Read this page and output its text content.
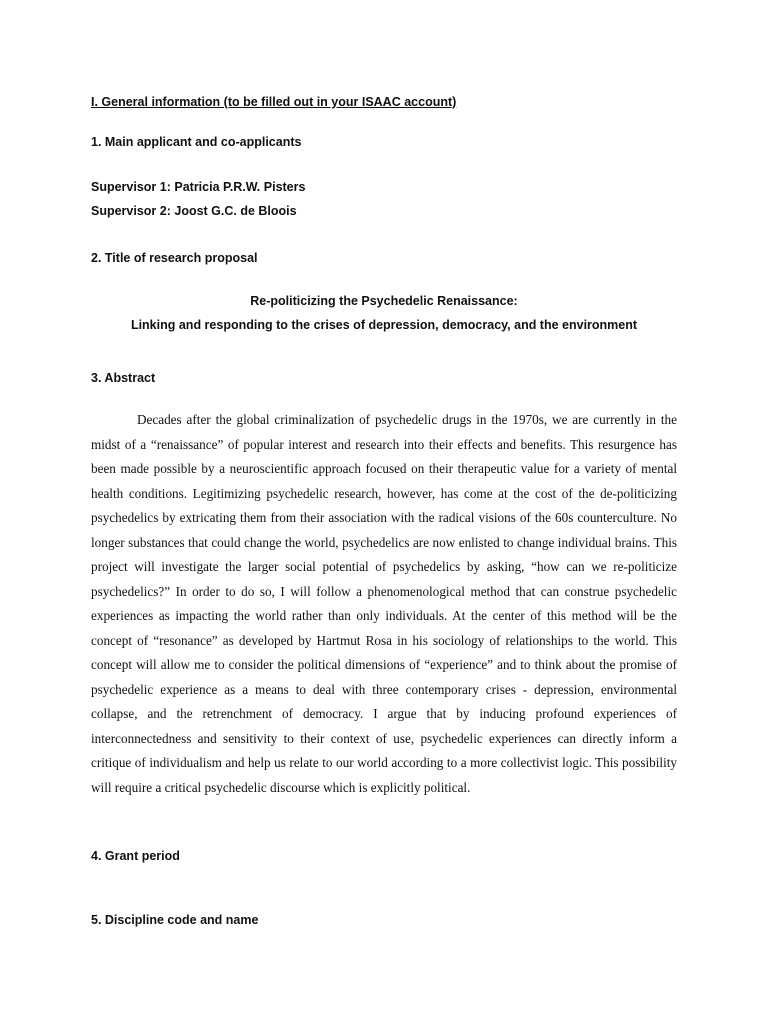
I. General information (to be filled out in your ISAAC account)
1. Main applicant and co-applicants
Supervisor 1: Patricia P.R.W. Pisters
Supervisor 2: Joost G.C. de Bloois
2. Title of research proposal
Re-politicizing the Psychedelic Renaissance:
Linking and responding to the crises of depression, democracy, and the environment
3. Abstract

Decades after the global criminalization of psychedelic drugs in the 1970s, we are currently in the midst of a “renaissance” of popular interest and research into their effects and benefits. This resurgence has been made possible by a neuroscientific approach focused on their therapeutic value for a variety of mental health conditions. Legitimizing psychedelic research, however, has come at the cost of the de-politicizing psychedelics by extricating them from their association with the radical visions of the 60s counterculture. No longer substances that could change the world, psychedelics are now enlisted to change individual brains. This project will investigate the larger social potential of psychedelics by asking, “how can we re-politicize psychedelics?” In order to do so, I will follow a phenomenological method that can construe psychedelic experiences as impacting the world rather than only individuals. At the center of this method will be the concept of “resonance” as developed by Hartmut Rosa in his sociology of relationships to the world. This concept will allow me to consider the political dimensions of “experience” and to think about the promise of psychedelic experience as a means to deal with three contemporary crises - depression, environmental collapse, and the retrenchment of democracy. I argue that by inducing profound experiences of interconnectedness and sensitivity to their context of use, psychedelic experiences can directly inform a critique of individualism and help us relate to our world according to a more collectivist logic. This possibility will require a critical psychedelic discourse which is explicitly political.

4. Grant period
5. Discipline code and name
